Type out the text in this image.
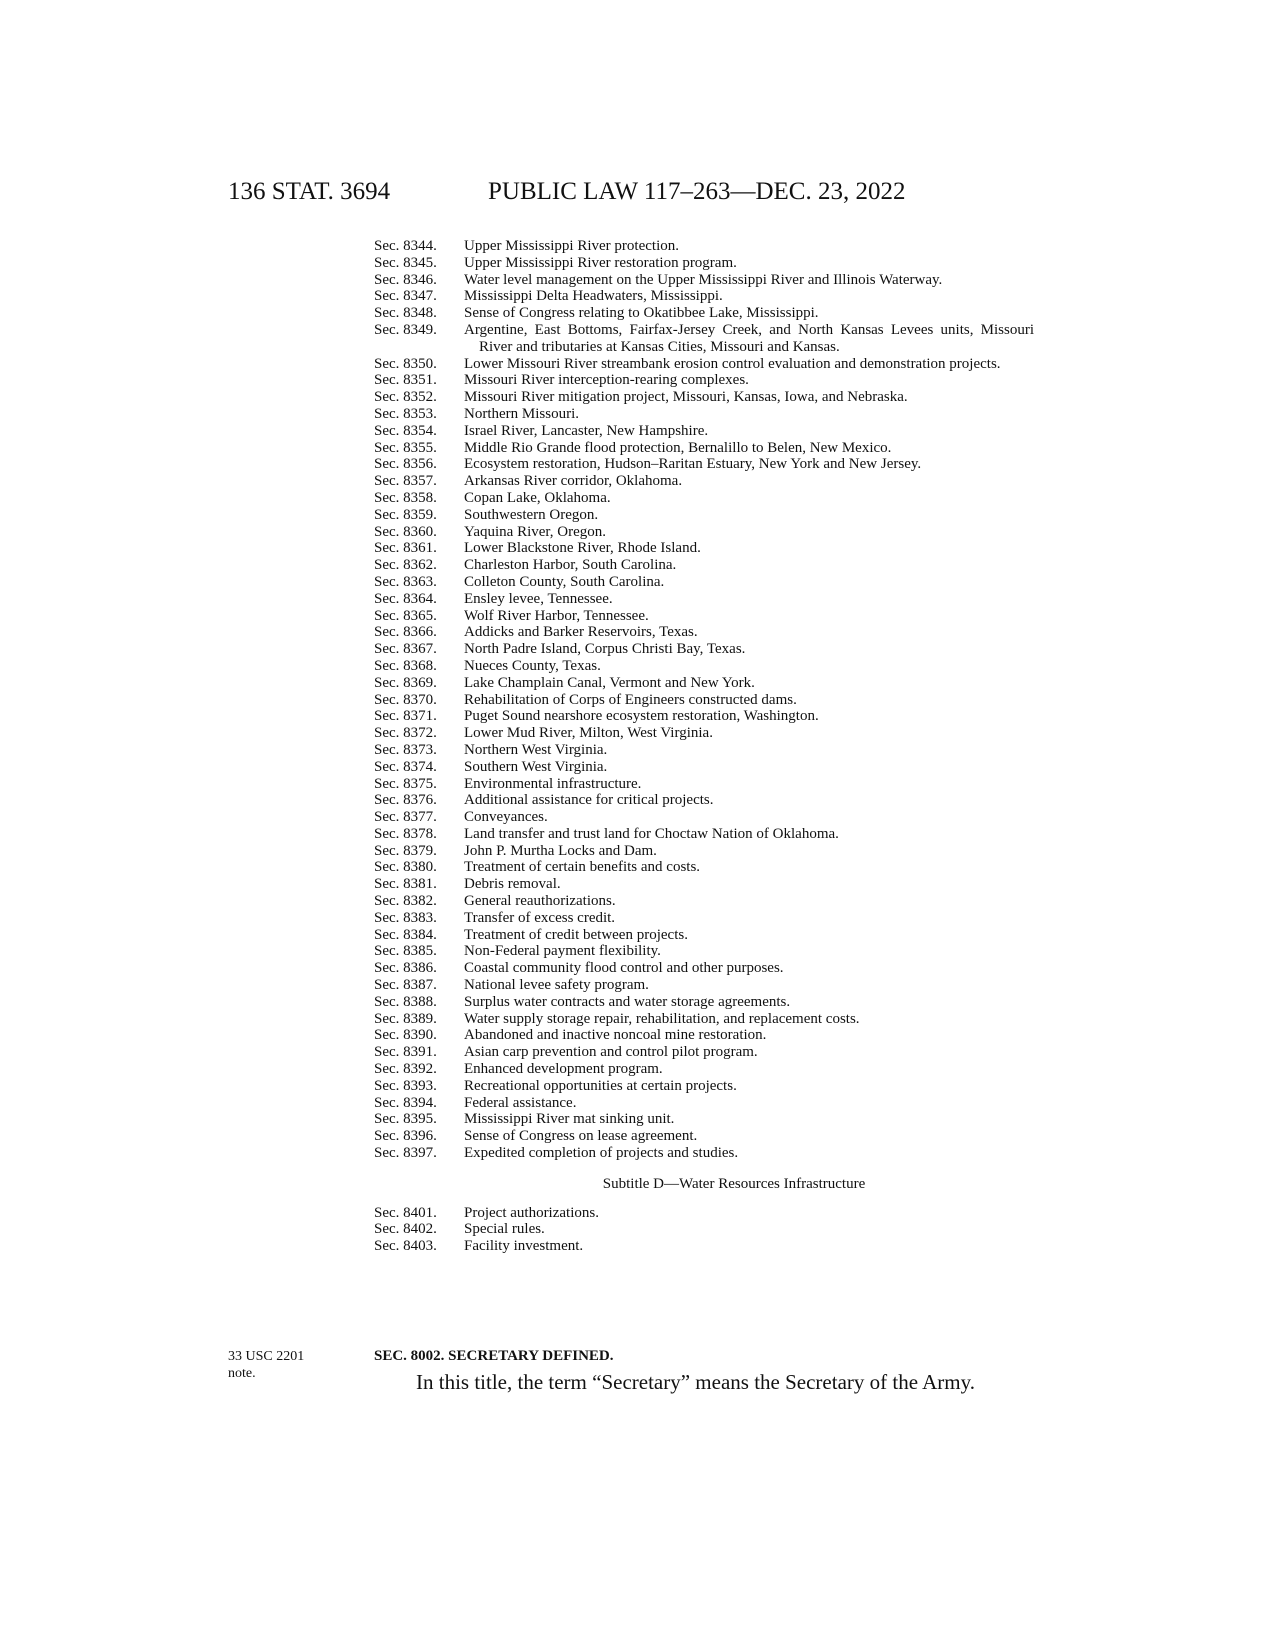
136 STAT. 3694	PUBLIC LAW 117–263—DEC. 23, 2022
Sec. 8344.	Upper Mississippi River protection.
Sec. 8345.	Upper Mississippi River restoration program.
Sec. 8346.	Water level management on the Upper Mississippi River and Illinois Waterway.
Sec. 8347.	Mississippi Delta Headwaters, Mississippi.
Sec. 8348.	Sense of Congress relating to Okatibbee Lake, Mississippi.
Sec. 8349.	Argentine, East Bottoms, Fairfax-Jersey Creek, and North Kansas Levees units, Missouri River and tributaries at Kansas Cities, Missouri and Kansas.
Sec. 8350.	Lower Missouri River streambank erosion control evaluation and demonstration projects.
Sec. 8351.	Missouri River interception-rearing complexes.
Sec. 8352.	Missouri River mitigation project, Missouri, Kansas, Iowa, and Nebraska.
Sec. 8353.	Northern Missouri.
Sec. 8354.	Israel River, Lancaster, New Hampshire.
Sec. 8355.	Middle Rio Grande flood protection, Bernalillo to Belen, New Mexico.
Sec. 8356.	Ecosystem restoration, Hudson–Raritan Estuary, New York and New Jersey.
Sec. 8357.	Arkansas River corridor, Oklahoma.
Sec. 8358.	Copan Lake, Oklahoma.
Sec. 8359.	Southwestern Oregon.
Sec. 8360.	Yaquina River, Oregon.
Sec. 8361.	Lower Blackstone River, Rhode Island.
Sec. 8362.	Charleston Harbor, South Carolina.
Sec. 8363.	Colleton County, South Carolina.
Sec. 8364.	Ensley levee, Tennessee.
Sec. 8365.	Wolf River Harbor, Tennessee.
Sec. 8366.	Addicks and Barker Reservoirs, Texas.
Sec. 8367.	North Padre Island, Corpus Christi Bay, Texas.
Sec. 8368.	Nueces County, Texas.
Sec. 8369.	Lake Champlain Canal, Vermont and New York.
Sec. 8370.	Rehabilitation of Corps of Engineers constructed dams.
Sec. 8371.	Puget Sound nearshore ecosystem restoration, Washington.
Sec. 8372.	Lower Mud River, Milton, West Virginia.
Sec. 8373.	Northern West Virginia.
Sec. 8374.	Southern West Virginia.
Sec. 8375.	Environmental infrastructure.
Sec. 8376.	Additional assistance for critical projects.
Sec. 8377.	Conveyances.
Sec. 8378.	Land transfer and trust land for Choctaw Nation of Oklahoma.
Sec. 8379.	John P. Murtha Locks and Dam.
Sec. 8380.	Treatment of certain benefits and costs.
Sec. 8381.	Debris removal.
Sec. 8382.	General reauthorizations.
Sec. 8383.	Transfer of excess credit.
Sec. 8384.	Treatment of credit between projects.
Sec. 8385.	Non-Federal payment flexibility.
Sec. 8386.	Coastal community flood control and other purposes.
Sec. 8387.	National levee safety program.
Sec. 8388.	Surplus water contracts and water storage agreements.
Sec. 8389.	Water supply storage repair, rehabilitation, and replacement costs.
Sec. 8390.	Abandoned and inactive noncoal mine restoration.
Sec. 8391.	Asian carp prevention and control pilot program.
Sec. 8392.	Enhanced development program.
Sec. 8393.	Recreational opportunities at certain projects.
Sec. 8394.	Federal assistance.
Sec. 8395.	Mississippi River mat sinking unit.
Sec. 8396.	Sense of Congress on lease agreement.
Sec. 8397.	Expedited completion of projects and studies.
Subtitle D—Water Resources Infrastructure
Sec. 8401.	Project authorizations.
Sec. 8402.	Special rules.
Sec. 8403.	Facility investment.
33 USC 2201
note.
SEC. 8002. SECRETARY DEFINED.
In this title, the term “Secretary” means the Secretary of the Army.
